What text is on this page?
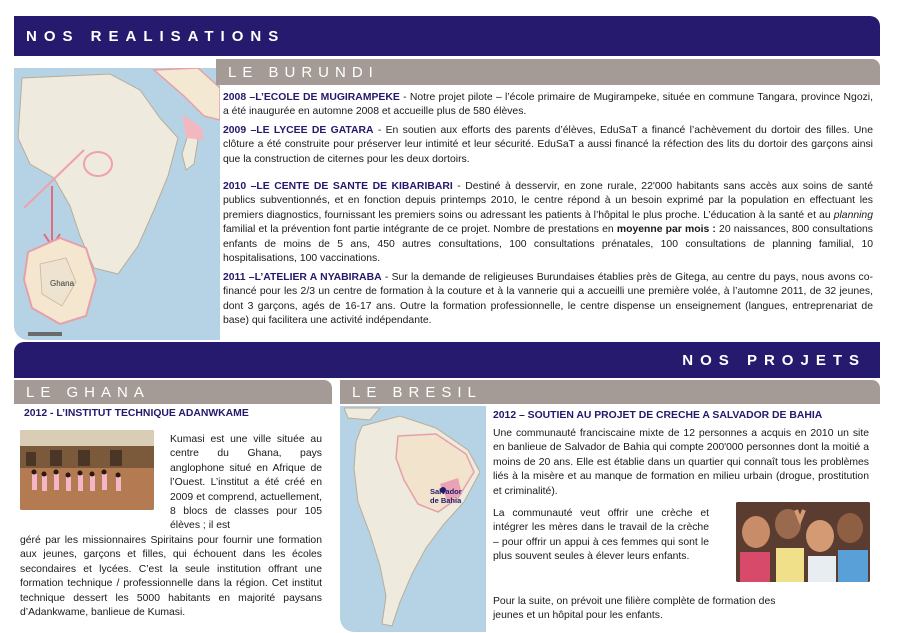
NOS REALISATIONS
Ghana
LE BURUNDI

2008 –L’ECOLE DE MUGIRAMPEKE - Notre projet pilote – l’école primaire de Mugirampeke, située en commune Tangara, province Ngozi, a été inaugurée en automne 2008 et accueille plus de 580 élèves.

2009 –LE LYCEE DE GATARA - En soutien aux efforts des parents d’élèves, EduSaT a financé l’achèvement du dortoir des filles. Une clôture a été construite pour préserver leur intimité et leur sécurité. EduSaT a aussi financé la réfection des lits du dortoir des garçons ainsi que la construction de citernes pour les deux dortoirs.

2010 –LE CENTE DE SANTE DE KIBARIBARI - Destiné à desservir, en zone rurale, 22'000 habitants sans accès aux soins de santé publics subventionnés, et en fonction depuis printemps 2010, le centre répond à un besoin exprimé par la population en effectuant les premiers diagnostics, fournissant les premiers soins ou adressant les patients à l’hôpital le plus proche. L’éducation à la santé et au planning familial et la prévention font partie intégrante de ce projet. Nombre de prestations en moyenne par mois : 20 naissances, 800 consultations enfants de moins de 5 ans, 450 autres consultations, 100 consultations prénatales, 100 consultations de planning familial, 10 hospitalisations, 100 vaccinations.

2011 –L’ATELIER A NYABIRABA - Sur la demande de religieuses Burundaises établies près de Gitega, au centre du pays, nous avons co-financé pour les 2/3 un centre de formation à la couture et à la vannerie qui a accueilli une première volée, à l’automne 2011, de 32 jeunes, dont 3 garçons, agés de 16-17 ans. Outre la formation professionnelle, le centre dispense un enseignement (langues, entreprenariat de base) qui facilitera une activité indépendante.

NOS PROJETS
LE GHANA
2012 - L’INSTITUT TECHNIQUE ADANWKAME

Kumasi est une ville située au centre du Ghana, pays anglophone situé en Afrique de l’Ouest. L’institut a été créé en 2009 et comprend, actuellement, 8 blocs de classes pour 105 élèves ; il est

géré par les missionnaires Spiritains pour fournir une formation aux jeunes, garçons et filles, qui échouent dans les écoles secondaires et lycées. C’est la seule institution offrant une formation technique / professionnelle dans la région. Cet institut technique dessert les 5000 habitants en majorité paysans d’Adankwame, banlieue de Kumasi.

LE BRESIL
Salvador
de Bahia
2012 – SOUTIEN AU PROJET DE CRECHE A SALVADOR DE BAHIA

Une communauté franciscaine mixte de 12 personnes a acquis en 2010 un site en banlieue de Salvador de Bahia qui compte 200'000 personnes dont la moitié a moins de 20 ans. Elle est établie dans un quartier qui connaît tous les problèmes liés à la misère et au manque de formation en milieu urbain (drogue, prostitution et criminalité).

La communauté veut offrir une crèche et intégrer les mères dans le travail de la crèche – pour offrir un appui à ces femmes qui sont le plus souvent seules à élever leurs enfants.

Pour la suite, on prévoit une filière complète de formation des jeunes et un hôpital pour les enfants.
